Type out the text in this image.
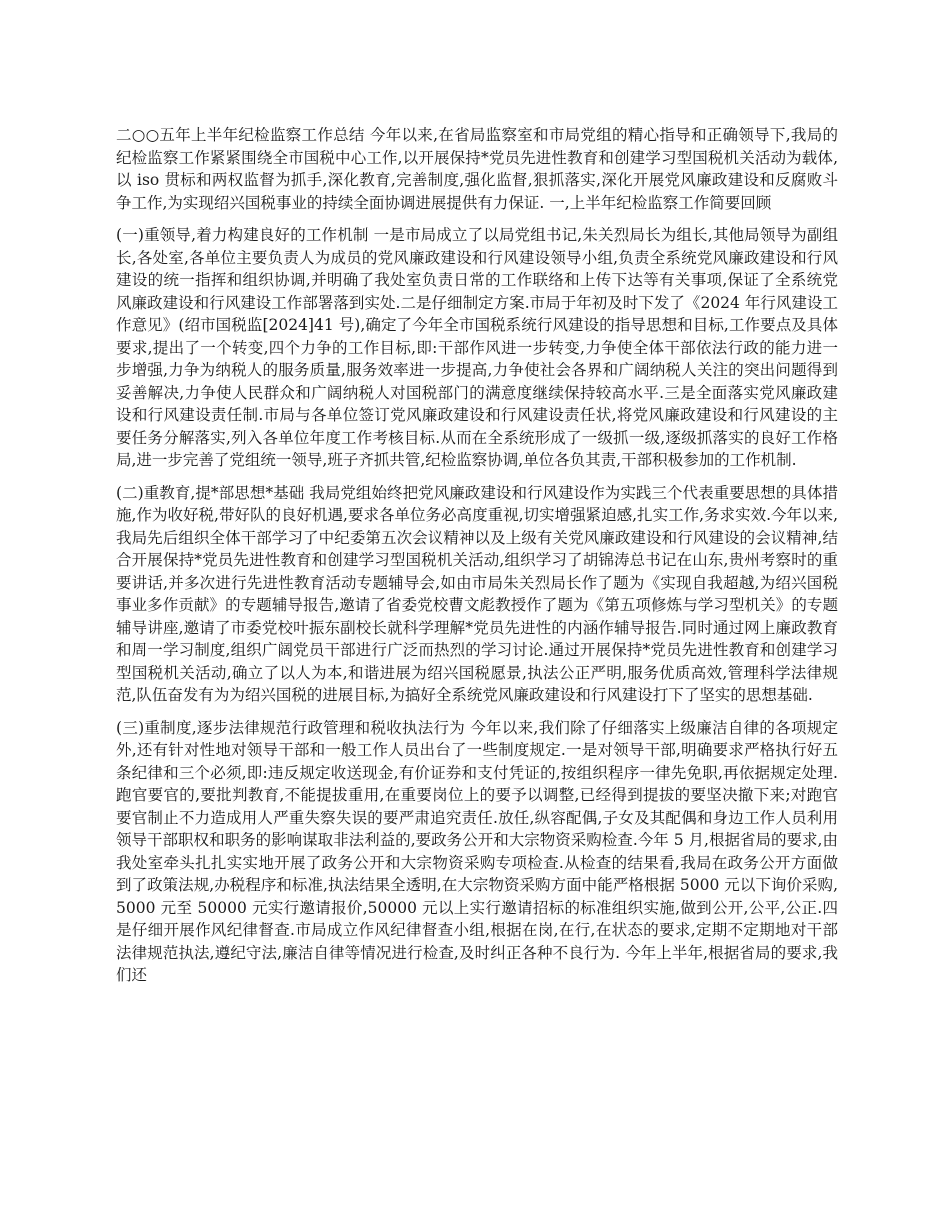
二○○五年上半年纪检监察工作总结 今年以来,在省局监察室和市局党组的精心指导和正确领导下,我局的纪检监察工作紧紧围绕全市国税中心工作,以开展保持*党员先进性教育和创建学习型国税机关活动为载体,以 iso 贯标和两权监督为抓手,深化教育,完善制度,强化监督,狠抓落实,深化开展党风廉政建设和反腐败斗争工作,为实现绍兴国税事业的持续全面协调进展提供有力保证. 一,上半年纪检监察工作简要回顾

(一)重领导,着力构建良好的工作机制 一是市局成立了以局党组书记,朱关烈局长为组长,其他局领导为副组长,各处室,各单位主要负责人为成员的党风廉政建设和行风建设领导小组,负责全系统党风廉政建设和行风建设的统一指挥和组织协调,并明确了我处室负责日常的工作联络和上传下达等有关事项,保证了全系统党风廉政建设和行风建设工作部署落到实处.二是仔细制定方案.市局于年初及时下发了《2024 年行风建设工作意见》(绍市国税监[2024]41 号),确定了今年全市国税系统行风建设的指导思想和目标,工作要点及具体要求,提出了一个转变,四个力争的工作目标,即:干部作风进一步转变,力争使全体干部依法行政的能力进一步增强,力争为纳税人的服务质量,服务效率进一步提高,力争使社会各界和广阔纳税人关注的突出问题得到妥善解决,力争使人民群众和广阔纳税人对国税部门的满意度继续保持较高水平.三是全面落实党风廉政建设和行风建设责任制.市局与各单位签订党风廉政建设和行风建设责任状,将党风廉政建设和行风建设的主要任务分解落实,列入各单位年度工作考核目标.从而在全系统形成了一级抓一级,逐级抓落实的良好工作格局,进一步完善了党组统一领导,班子齐抓共管,纪检监察协调,单位各负其责,干部积极参加的工作机制.

(二)重教育,提*部思想*基础 我局党组始终把党风廉政建设和行风建设作为实践三个代表重要思想的具体措施,作为收好税,带好队的良好机遇,要求各单位务必高度重视,切实增强紧迫感,扎实工作,务求实效.今年以来,我局先后组织全体干部学习了中纪委第五次会议精神以及上级有关党风廉政建设和行风建设的会议精神,结合开展保持*党员先进性教育和创建学习型国税机关活动,组织学习了胡锦涛总书记在山东,贵州考察时的重要讲话,并多次进行先进性教育活动专题辅导会,如由市局朱关烈局长作了题为《实现自我超越,为绍兴国税事业多作贡献》的专题辅导报告,邀请了省委党校曹文彪教授作了题为《第五项修炼与学习型机关》的专题辅导讲座,邀请了市委党校叶振东副校长就科学理解*党员先进性的内涵作辅导报告.同时通过网上廉政教育和周一学习制度,组织广阔党员干部进行广泛而热烈的学习讨论.通过开展保持*党员先进性教育和创建学习型国税机关活动,确立了以人为本,和谐进展为绍兴国税愿景,执法公正严明,服务优质高效,管理科学法律规范,队伍奋发有为为绍兴国税的进展目标,为搞好全系统党风廉政建设和行风建设打下了坚实的思想基础.

(三)重制度,逐步法律规范行政管理和税收执法行为 今年以来,我们除了仔细落实上级廉洁自律的各项规定外,还有针对性地对领导干部和一般工作人员出台了一些制度规定.一是对领导干部,明确要求严格执行好五条纪律和三个必须,即:违反规定收送现金,有价证券和支付凭证的,按组织程序一律先免职,再依据规定处理.跑官要官的,要批判教育,不能提拔重用,在重要岗位上的要予以调整,已经得到提拔的要坚决撤下来;对跑官要官制止不力造成用人严重失察失误的要严肃追究责任.放任,纵容配偶,子女及其配偶和身边工作人员利用领导干部职权和职务的影响谋取非法利益的,要政务公开和大宗物资采购检查.今年 5 月,根据省局的要求,由我处室牵头扎扎实实地开展了政务公开和大宗物资采购专项检查.从检查的结果看,我局在政务公开方面做到了政策法规,办税程序和标准,执法结果全透明,在大宗物资采购方面中能严格根据 5000 元以下询价采购,5000 元至 50000 元实行邀请报价,50000 元以上实行邀请招标的标准组织实施,做到公开,公平,公正.四是仔细开展作风纪律督查.市局成立作风纪律督查小组,根据在岗,在行,在状态的要求,定期不定期地对干部法律规范执法,遵纪守法,廉洁自律等情况进行检查,及时纠正各种不良行为. 今年上半年,根据省局的要求,我们还
